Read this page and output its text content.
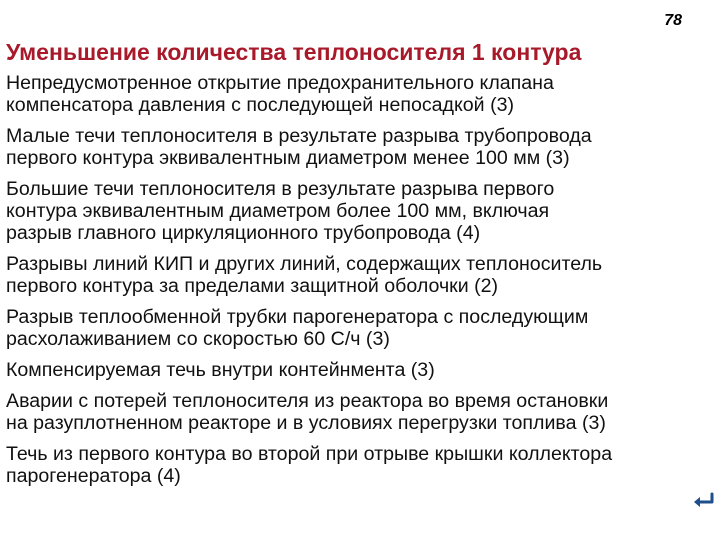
78
Уменьшение количества теплоносителя 1 контура
Непредусмотренное открытие предохранительного клапана
компенсатора давления с последующей непосадкой (3)
Малые течи теплоносителя в результате разрыва трубопровода
первого контура эквивалентным диаметром менее 100 мм (3)
Большие течи теплоносителя в результате разрыва первого
контура эквивалентным диаметром более 100 мм, включая
разрыв главного циркуляционного трубопровода (4)
Разрывы линий КИП и других линий, содержащих теплоноситель
первого контура за пределами защитной оболочки (2)
Разрыв теплообменной трубки парогенератора с последующим
расхолаживанием со скоростью 60 С/ч (3)
Компенсируемая течь внутри контейнмента (3)
Аварии с потерей теплоносителя из реактора во время остановки
на разуплотненном реакторе и в условиях перегрузки топлива (3)
Течь из первого контура во второй при отрыве крышки коллектора
парогенератора (4)
